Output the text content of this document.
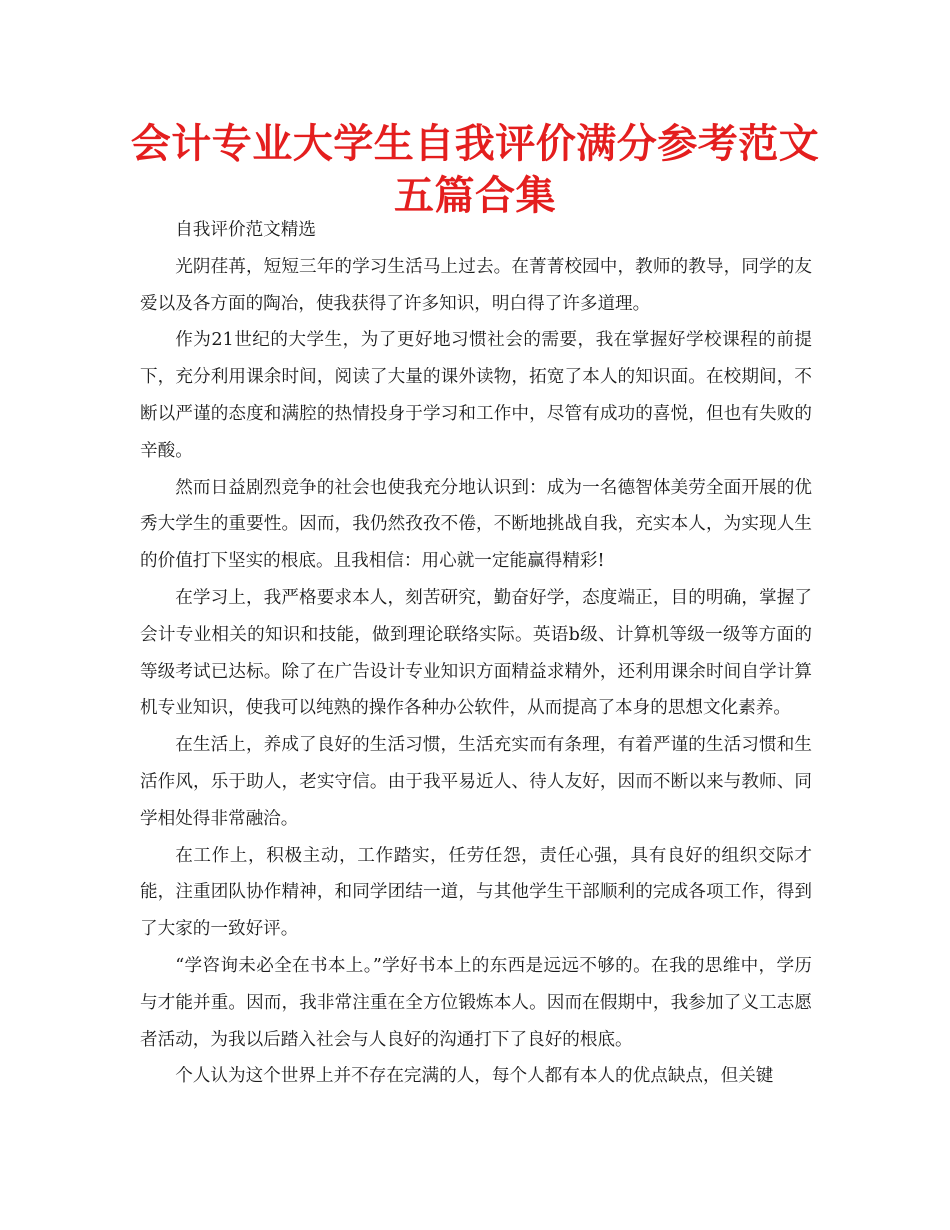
会计专业大学生自我评价满分参考范文五篇合集

自我评价范文精选

光阴荏苒，短短三年的学习生活马上过去。在菁菁校园中，教师的教导，同学的友爱以及各方面的陶冶，使我获得了许多知识，明白得了许多道理。

作为21世纪的大学生，为了更好地习惯社会的需要，我在掌握好学校课程的前提下，充分利用课余时间，阅读了大量的课外读物，拓宽了本人的知识面。在校期间，不断以严谨的态度和满腔的热情投身于学习和工作中，尽管有成功的喜悦，但也有失败的辛酸。

然而日益剧烈竞争的社会也使我充分地认识到：成为一名德智体美劳全面开展的优秀大学生的重要性。因而，我仍然孜孜不倦，不断地挑战自我，充实本人，为实现人生的价值打下坚实的根底。且我相信：用心就一定能赢得精彩!

在学习上，我严格要求本人，刻苦研究，勤奋好学，态度端正，目的明确，掌握了会计专业相关的知识和技能，做到理论联络实际。英语b级、计算机等级一级等方面的等级考试已达标。除了在广告设计专业知识方面精益求精外，还利用课余时间自学计算机专业知识，使我可以纯熟的操作各种办公软件，从而提高了本身的思想文化素养。

在生活上，养成了良好的生活习惯，生活充实而有条理，有着严谨的生活习惯和生活作风，乐于助人，老实守信。由于我平易近人、待人友好，因而不断以来与教师、同学相处得非常融洽。

在工作上，积极主动，工作踏实，任劳任怨，责任心强，具有良好的组织交际才能，注重团队协作精神，和同学团结一道，与其他学生干部顺利的完成各项工作，得到了大家的一致好评。

“学咨询未必全在书本上。”学好书本上的东西是远远不够的。在我的思维中，学历与才能并重。因而，我非常注重在全方位锻炼本人。因而在假期中，我参加了义工志愿者活动，为我以后踏入社会与人良好的沟通打下了良好的根底。

个人认为这个世界上并不存在完满的人，每个人都有本人的优点缺点，但关键
